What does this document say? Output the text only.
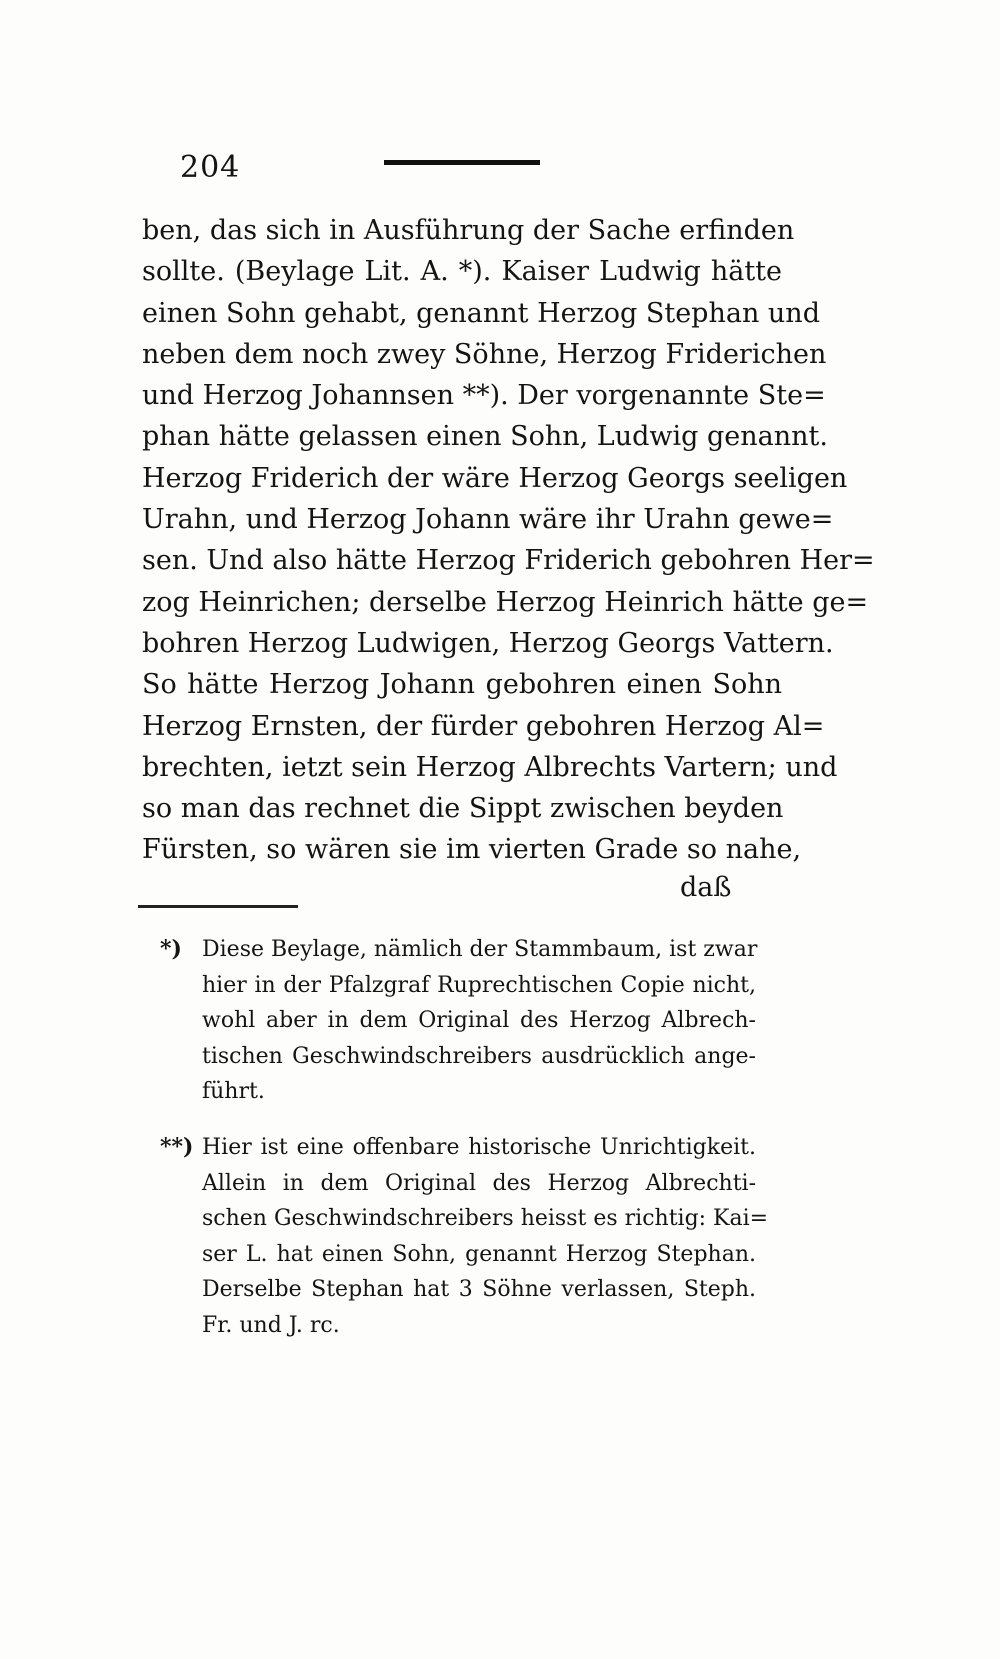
204
ben, das sich in Ausführung der Sache erfinden
sollte. (Beylage Lit. A. *). Kaiser Ludwig hätte
einen Sohn gehabt, genannt Herzog Stephan und
neben dem noch zwey Söhne, Herzog Friderichen
und Herzog Johannsen **). Der vorgenannte Ste=
phan hätte gelassen einen Sohn, Ludwig genannt.
Herzog Friderich der wäre Herzog Georgs seeligen
Urahn, und Herzog Johann wäre ihr Urahn gewe=
sen. Und also hätte Herzog Friderich gebohren Her=
zog Heinrichen; derselbe Herzog Heinrich hätte ge=
bohren Herzog Ludwigen, Herzog Georgs Vattern.
So hätte Herzog Johann gebohren einen Sohn
Herzog Ernsten, der fürder gebohren Herzog Al=
brechten, ietzt sein Herzog Albrechts Vartern; und
so man das rechnet die Sippt zwischen beyden
Fürsten, so wären sie im vierten Grade so nahe,
daß
*) Diese Beylage, nämlich der Stammbaum, ist zwar
hier in der Pfalzgraf Ruprechtischen Copie nicht,
wohl aber in dem Original des Herzog Albrech-
tischen Geschwindschreibers ausdrücklich ange-
führt.
**) Hier ist eine offenbare historische Unrichtigkeit.
Allein in dem Original des Herzog Albrechti-
schen Geschwindschreibers heisst es richtig: Kai=
ser L. hat einen Sohn, genannt Herzog Stephan.
Derselbe Stephan hat 3 Söhne verlassen, Steph.
Fr. und J. rc.
